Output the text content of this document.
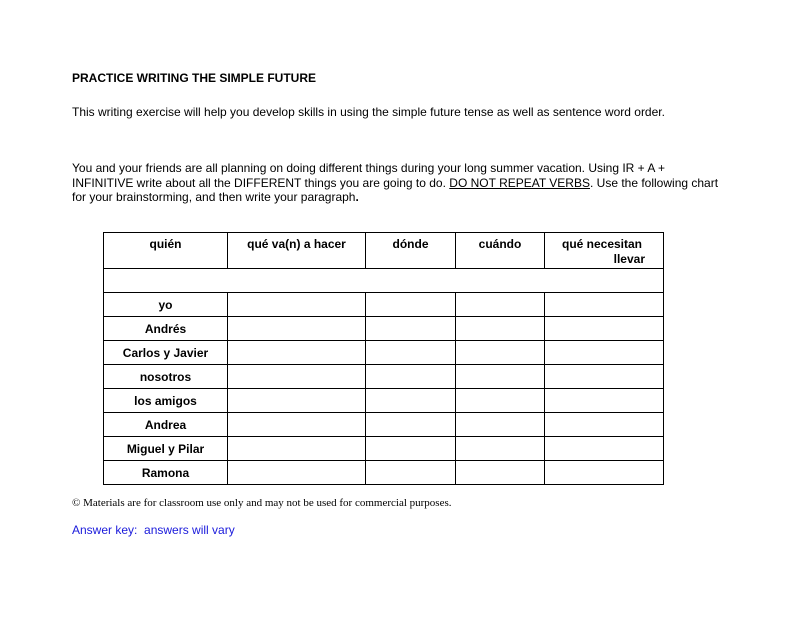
PRACTICE WRITING THE SIMPLE FUTURE

This writing exercise will help you develop skills in using the simple future tense as well as sentence word order.

You and your friends are all planning on doing different things during your long summer vacation. Using IR + A + INFINITIVE write about all the DIFFERENT things you are going to do. DO NOT REPEAT VERBS. Use the following chart for your brainstorming, and then write your paragraph.

quién	qué va(n) a hacer	dónde	cuándo	qué necesitan
llevar

yo				
Andrés				
Carlos y Javier				
nosotros				
los amigos				
Andrea				
Miguel y Pilar				
Ramona				

© Materials are for classroom use only and may not be used for commercial purposes.

Answer key: answers will vary
